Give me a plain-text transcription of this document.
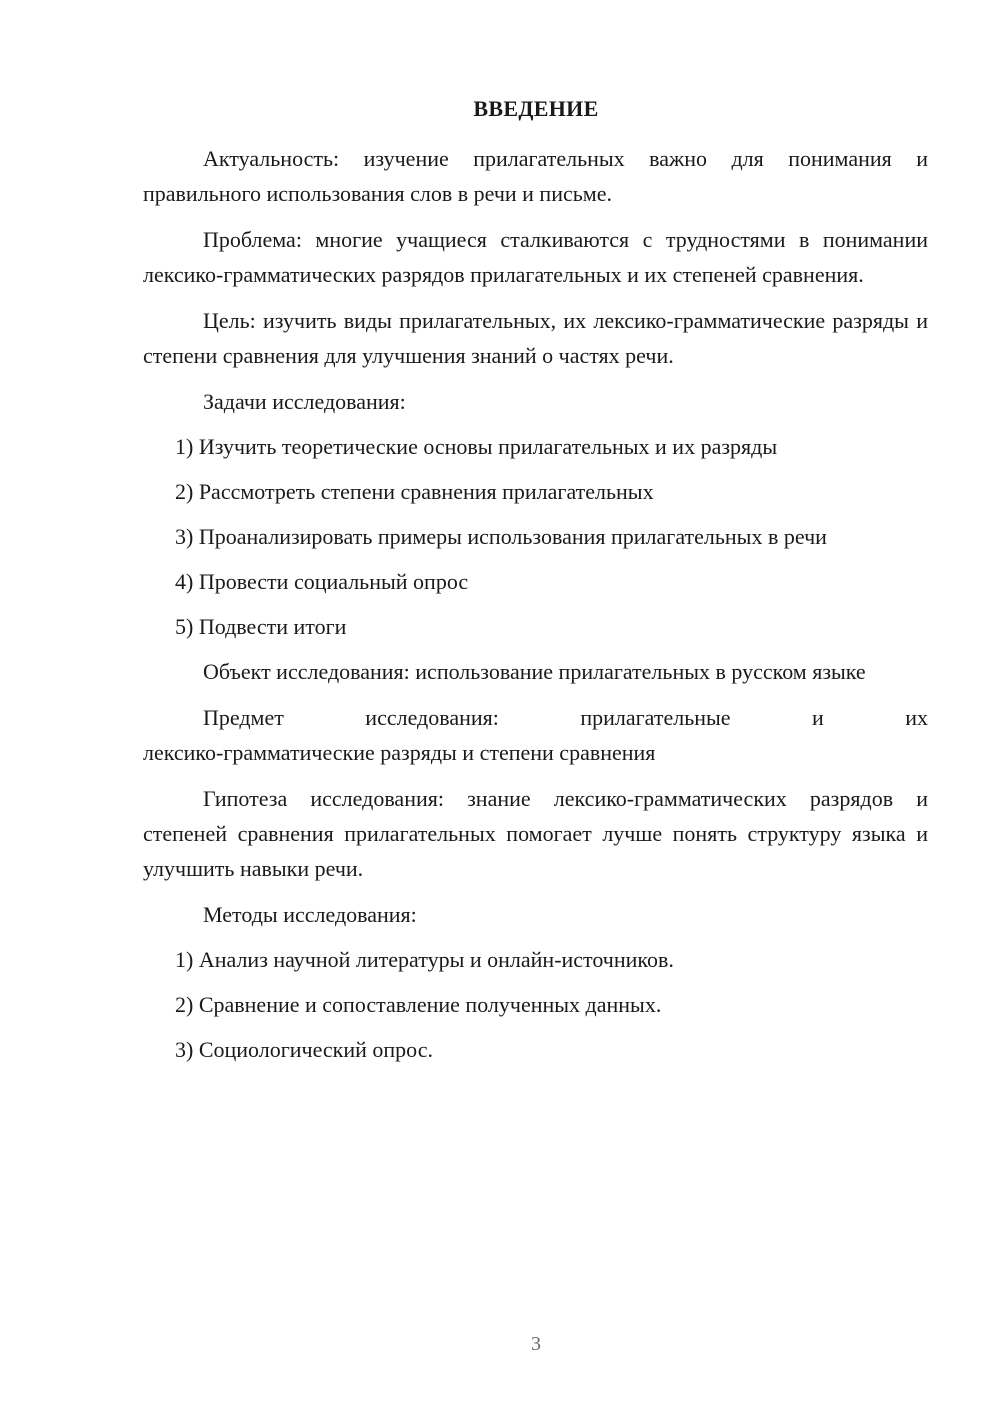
ВВЕДЕНИЕ

Актуальность: изучение прилагательных важно для понимания и правильного использования слов в речи и письме.

Проблема: многие учащиеся сталкиваются с трудностями в понимании лексико-грамматических разрядов прилагательных и их степеней сравнения.

Цель: изучить виды прилагательных, их лексико-грамматические разряды и степени сравнения для улучшения знаний о частях речи.

Задачи исследования:

1) Изучить теоретические основы прилагательных и их разряды
2) Рассмотреть степени сравнения прилагательных
3) Проанализировать примеры использования прилагательных в речи
4) Провести социальный опрос
5) Подвести итоги

Объект исследования: использование прилагательных в русском языке

Предмет	исследования:	прилагательные	и	их

лексико-грамматические разряды и степени сравнения

Гипотеза исследования: знание лексико-грамматических разрядов и степеней сравнения прилагательных помогает лучше понять структуру языка и улучшить навыки речи.

Методы исследования:

1) Анализ научной литературы и онлайн-источников.
2) Сравнение и сопоставление полученных данных.
3) Социологический опрос.

3
